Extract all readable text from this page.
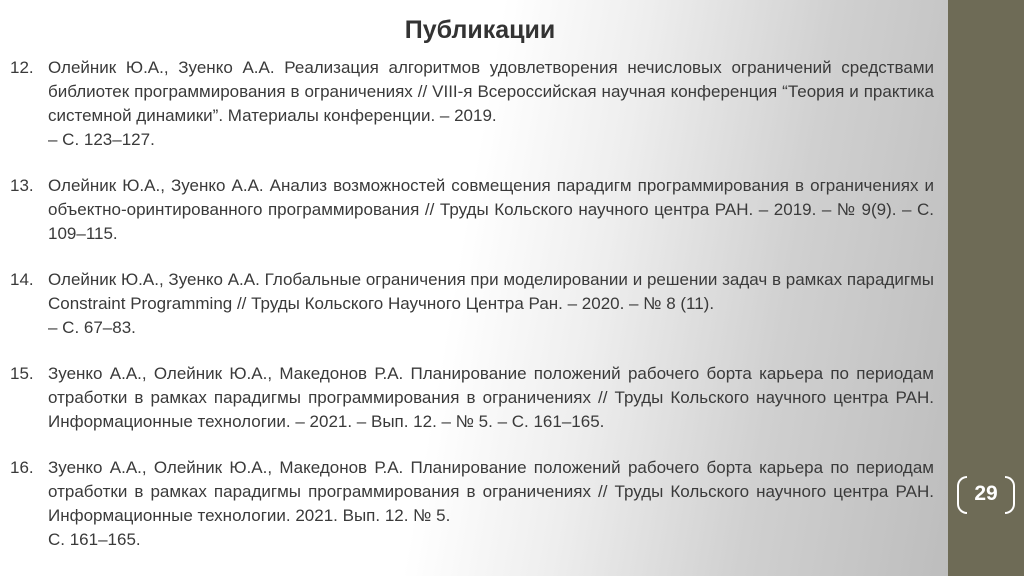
Публикации
12. Олейник Ю.А., Зуенко А.А. Реализация алгоритмов удовлетворения нечисловых ограничений средствами библиотек программирования в ограничениях // VIII-я Всероссийская научная конференция “Теория и практика системной динамики”. Материалы конференции. – 2019.
– С. 123–127.
13. Олейник Ю.А., Зуенко А.А. Анализ возможностей совмещения парадигм программирования в ограничениях и объектно-оринтированного программирования // Труды Кольского научного центра РАН. – 2019. – № 9(9). – С. 109–115.
14. Олейник Ю.А., Зуенко А.А. Глобальные ограничения при моделировании и решении задач в рамках парадигмы Constraint Programming // Труды Кольского Научного Центра Ран. – 2020. – № 8 (11).
– С. 67–83.
15. Зуенко А.А., Олейник Ю.А., Македонов Р.А. Планирование положений рабочего борта карьера по периодам отработки в рамках парадигмы программирования в ограничениях // Труды Кольского научного центра РАН. Информационные технологии. – 2021. – Вып. 12. – № 5. – С. 161–165.
16. Зуенко А.А., Олейник Ю.А., Македонов Р.А. Планирование положений рабочего борта карьера по периодам отработки в рамках парадигмы программирования в ограничениях // Труды Кольского научного центра РАН. Информационные технологии. 2021. Вып. 12. № 5.
С. 161–165.
29
